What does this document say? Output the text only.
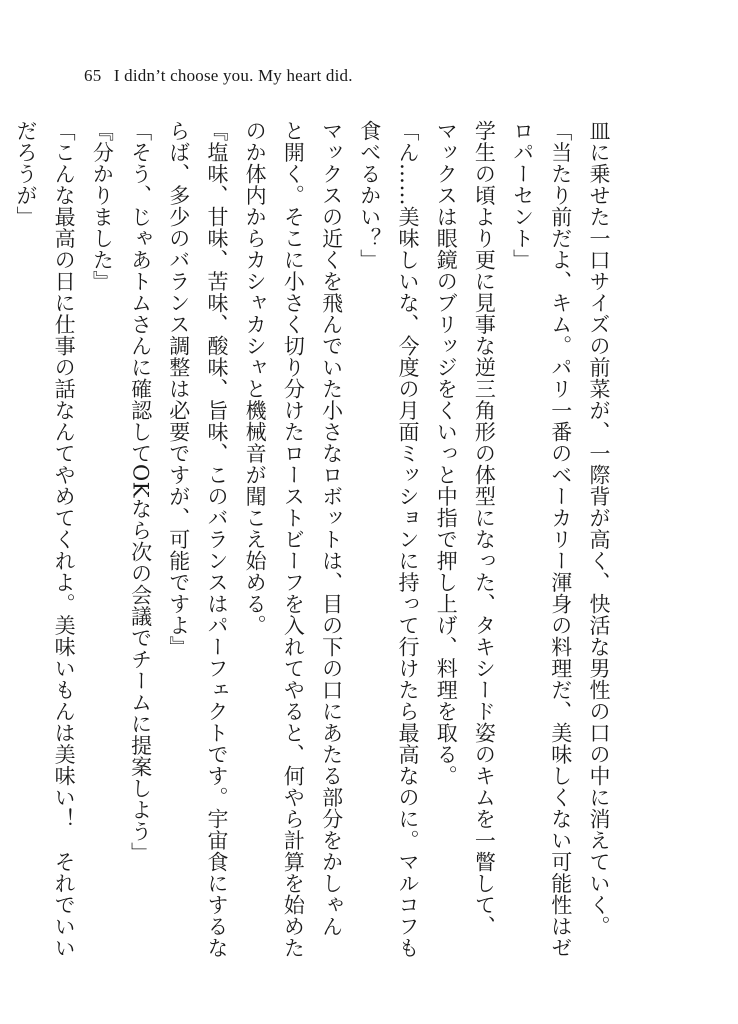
65 I didn’t choose you. My heart did.
皿に乗せた一口サイズの前菜が、一際背が高く、快活な男性の口の中に消えていく。
「当たり前だよ、キム。パリ一番のベーカリー渾身の料理だ、美味しくない可能性はゼ
ロパーセント」
学生の頃より更に見事な逆三角形の体型になった、タキシード姿のキムを一瞥して、
マックスは眼鏡のブリッジをくいっと中指で押し上げ、料理を取る。
「ん……美味しいな、今度の月面ミッションに持って行けたら最高なのに。マルコフも
食べるかい？」
マックスの近くを飛んでいた小さなロボットは、目の下の口にあたる部分をかしゃん
と開く。そこに小さく切り分けたローストビーフを入れてやると、何やら計算を始めた
のか体内からカシャカシャと機械音が聞こえ始める。
『塩味、甘味、苦味、酸味、旨味、このバランスはパーフェクトです。宇宙食にするな
らば、多少のバランス調整は必要ですが、可能ですよ』
「そう、じゃあトムさんに確認してOKなら次の会議でチームに提案しよう」
『分かりました』
「こんな最高の日に仕事の話なんてやめてくれよ。美味いもんは美味い！　それでいい
だろうが」
